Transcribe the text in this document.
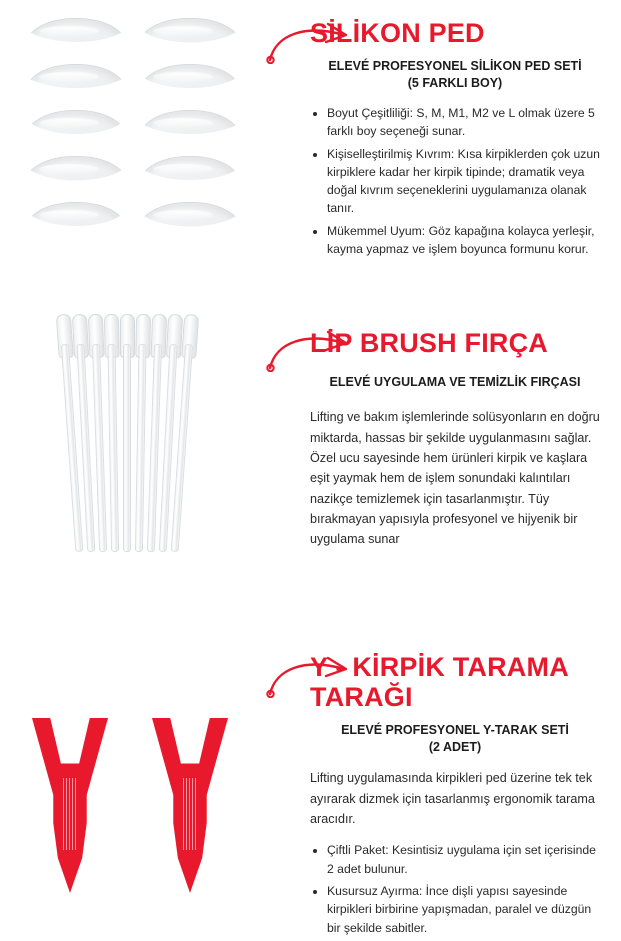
SİLİKON PED
ELEVÉ PROFESYONEL SİLİKON PED SETİ
(5 FARKLI BOY)
• Boyut Çeşitliliği: S, M, M1, M2 ve L olmak üzere 5 farklı boy seçeneği sunar.
• Kişiselleştirilmiş Kıvrım: Kısa kirpiklerden çok uzun kirpiklere kadar her kirpik tipinde; dramatik veya doğal kıvrım seçeneklerini uygulamanıza olanak tanır.
• Mükemmel Uyum: Göz kapağına kolayca yerleşir, kayma yapmaz ve işlem boyunca formunu korur.
LİP BRUSH FIRÇA
ELEVÉ UYGULAMA VE TEMİZLİK FIRÇASI

Lifting ve bakım işlemlerinde solüsyonların en doğru miktarda, hassas bir şekilde uygulanmasını sağlar. Özel ucu sayesinde hem ürünleri kirpik ve kaşlara eşit yaymak hem de işlem sonundaki kalıntıları nazikçe temizlemek için tasarlanmıştır. Tüy bırakmayan yapısıyla profesyonel ve hijyenik bir uygulama sunar

Y - KİRPİK TARAMA TARAĞI
ELEVÉ PROFESYONEL Y-TARAK SETİ
(2 ADET)

Lifting uygulamasında kirpikleri ped üzerine tek tek ayırarak dizmek için tasarlanmış ergonomik tarama aracıdır.

• Çiftli Paket: Kesintisiz uygulama için set içerisinde 2 adet bulunur.
• Kusursuz Ayırma: İnce dişli yapısı sayesinde kirpikleri birbirine yapışmadan, paralel ve düzgün bir şekilde sabitler.
